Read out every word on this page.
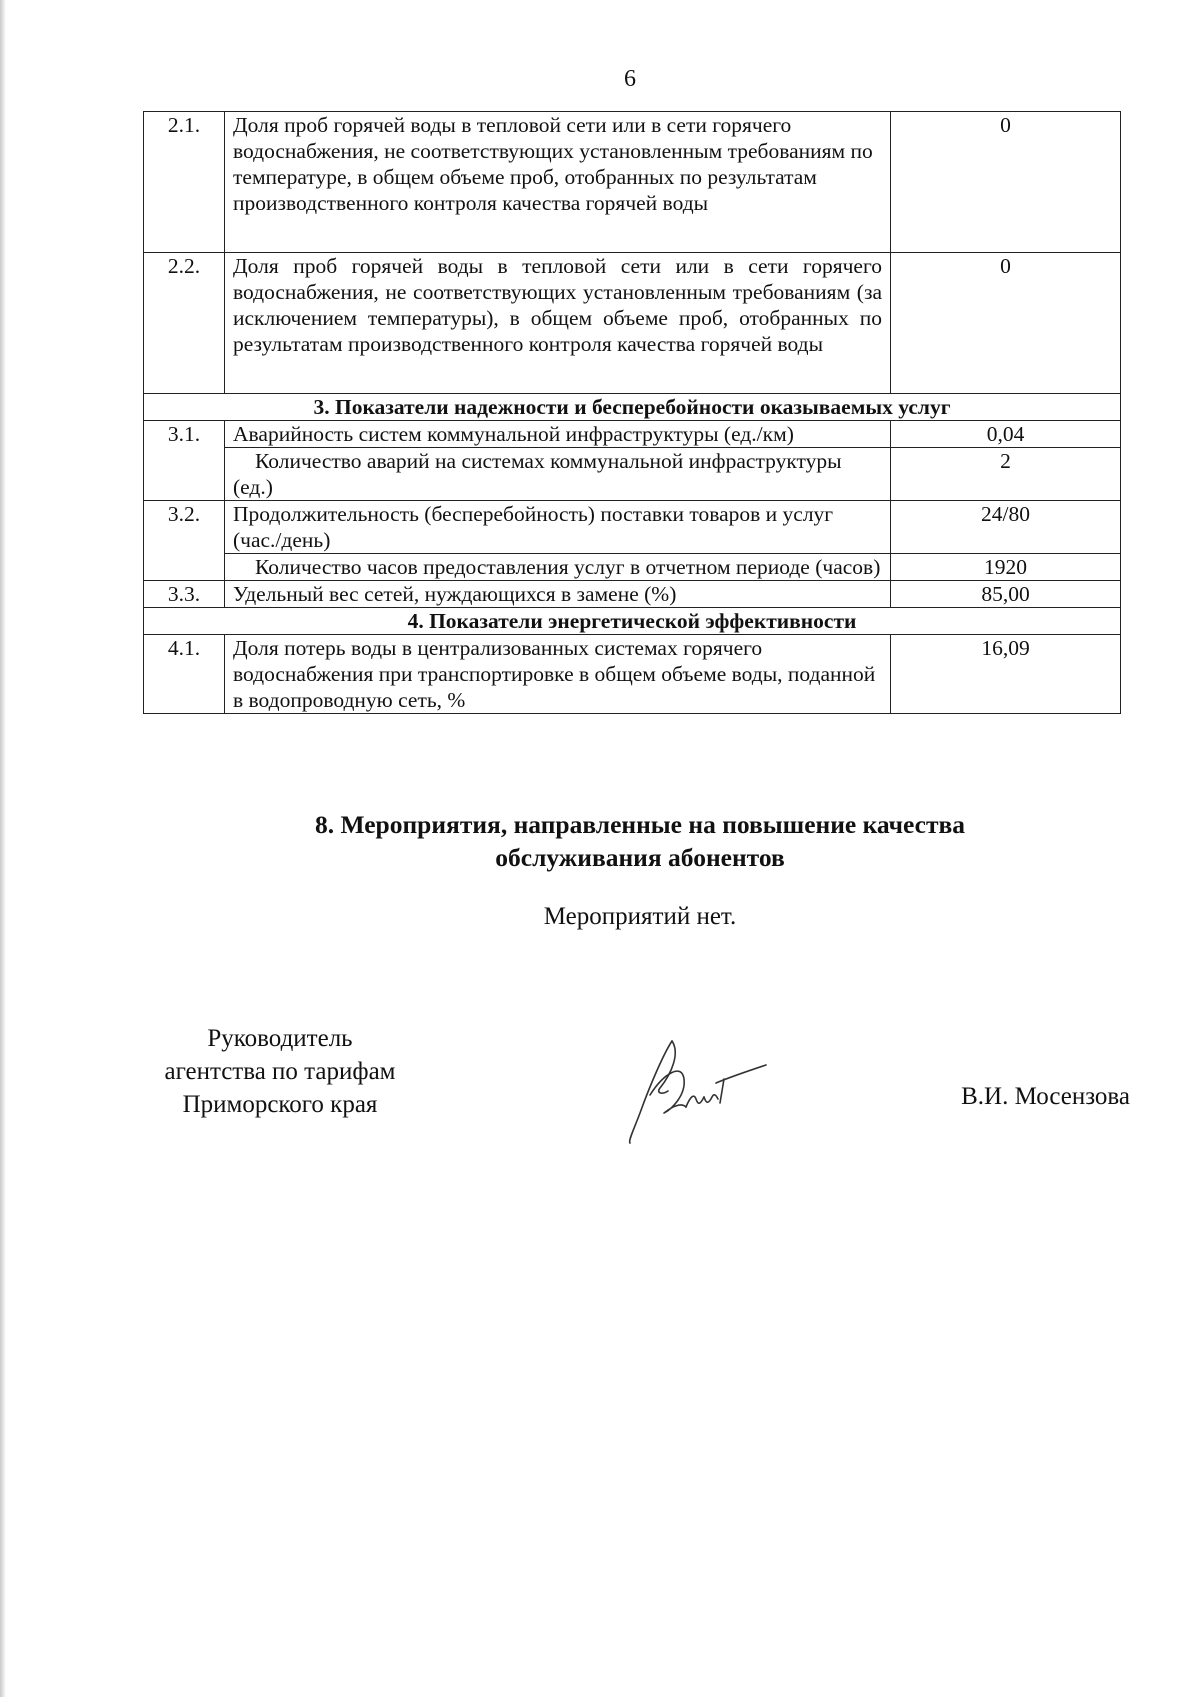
6
2.1.	Доля проб горячей воды в тепловой сети или в сети горячего водоснабжения, не соответствующих установленным требованиям по температуре, в общем объеме проб, отобранных по результатам производственного контроля качества горячей воды	0
2.2.	Доля проб горячей воды в тепловой сети или в сети горячего водоснабжения, не соответствующих установленным требованиям (за исключением температуры), в общем объеме проб, отобранных по результатам производственного контроля качества горячей воды	0
3. Показатели надежности и бесперебойности оказываемых услуг		
3.1.	Аварийность систем коммунальной инфраструктуры (ед./км)	0,04
	Количество аварий на системах коммунальной инфраструктуры (ед.)	2
3.2.	Продолжительность (бесперебойность) поставки товаров и услуг (час./день)	24/80
	Количество часов предоставления услуг в отчетном периоде (часов)	1920
3.3.	Удельный вес сетей, нуждающихся в замене (%)	85,00
4. Показатели энергетической эффективности		
4.1.	Доля потерь воды в централизованных системах горячего водоснабжения при транспортировке в общем объеме воды, поданной в водопроводную сеть, %	16,09
8. Мероприятия, направленные на повышение качества
обслуживания абонентов
Мероприятий нет.
Руководитель
агентства по тарифам
Приморского края	В.И. Мосензова
